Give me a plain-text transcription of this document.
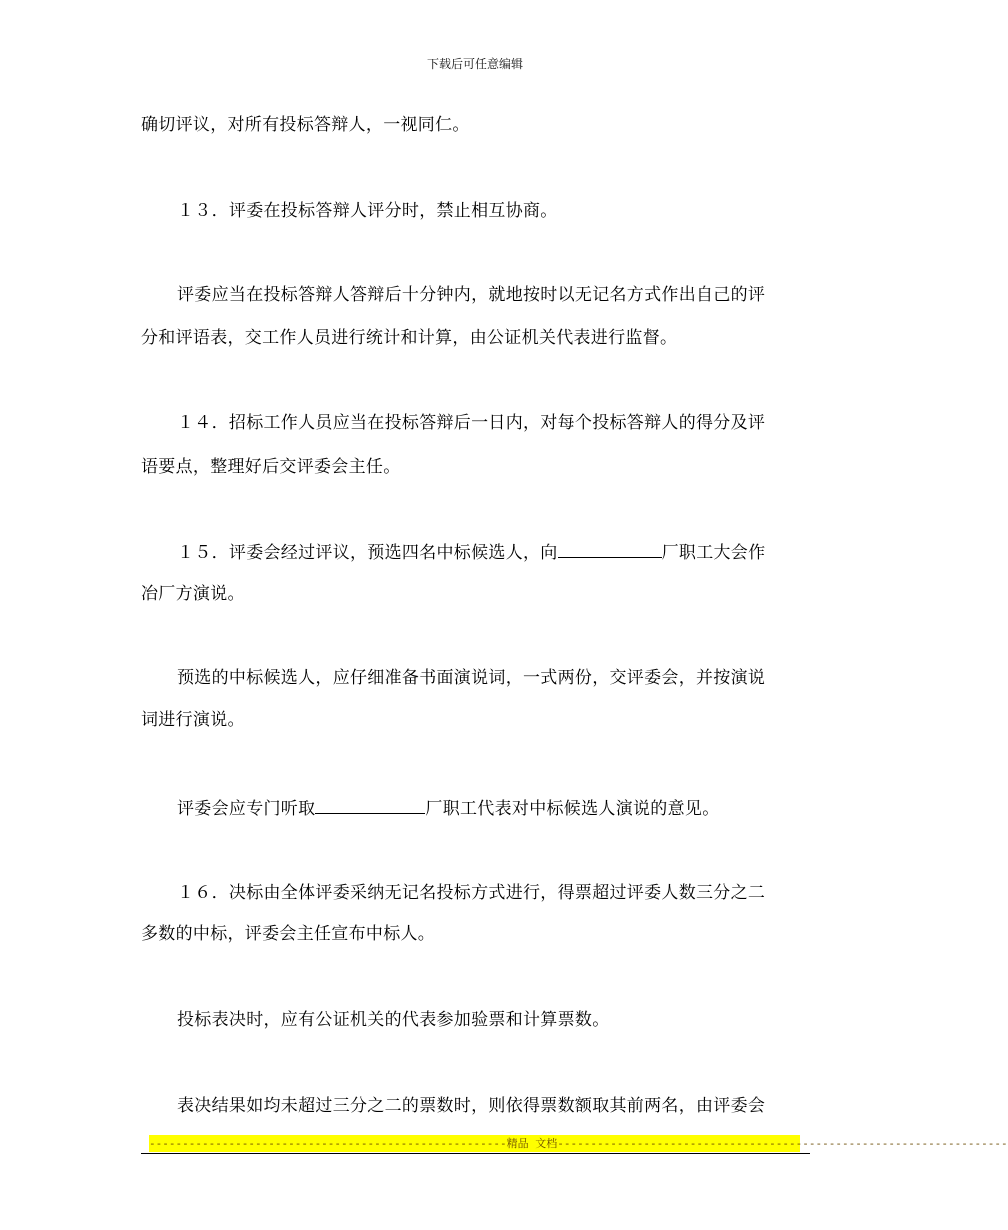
下载后可任意编辑
确切评议，对所有投标答辩人，一视同仁。
１３．评委在投标答辩人评分时，禁止相互协商。
评委应当在投标答辩人答辩后十分钟内，就地按时以无记名方式作出自己的评
分和评语表，交工作人员进行统计和计算，由公证机关代表进行监督。
１４．招标工作人员应当在投标答辩后一日内，对每个投标答辩人的得分及评
语要点，整理好后交评委会主任。
１５．评委会经过评议，预选四名中标候选人，向	厂职工大会作
冶厂方演说。
预选的中标候选人，应仔细准备书面演说词，一式两份，交评委会，并按演说
词进行演说。
评委会应专门听取	厂职工代表对中标候选人演说的意见。
１６．决标由全体评委采纳无记名投标方式进行，得票超过评委人数三分之二
多数的中标，评委会主任宣布中标人。
投标表决时，应有公证机关的代表参加验票和计算票数。
表决结果如均未超过三分之二的票数时，则依得票数额取其前两名，由评委会
------------------------------------------------------精品 文档--------------------------------------------------------------------
